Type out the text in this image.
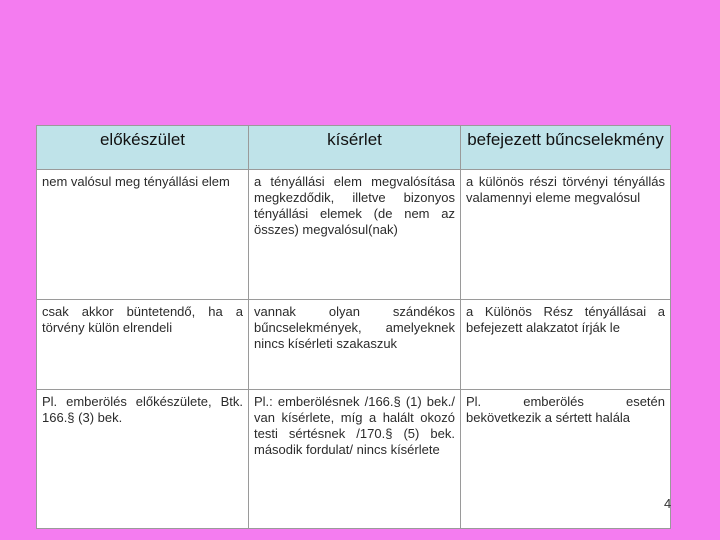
előkészület	kísérlet	befejezett bűncselekmény
nem valósul meg tényállási elem	a tényállási elem megvalósítása megkezdődik, illetve bizonyos tényállási elemek (de nem az összes) megvalósul(nak)	a különös részi törvényi tényállás valamennyi eleme megvalósul
csak akkor büntetendő, ha a törvény külön elrendeli	vannak olyan szándékos bűncselekmények, amelyeknek nincs kísérleti szakaszuk	a Különös Rész tényállásai a befejezett alakzatot írják le
Pl. emberölés előkészülete, Btk. 166.§ (3) bek.	Pl.: emberölésnek /166.§ (1) bek./ van kísérlete, míg a halált okozó testi sértésnek /170.§ (5) bek. második fordulat/ nincs kísérlete	Pl. emberölés esetén bekövetkezik a sértett halála
4
